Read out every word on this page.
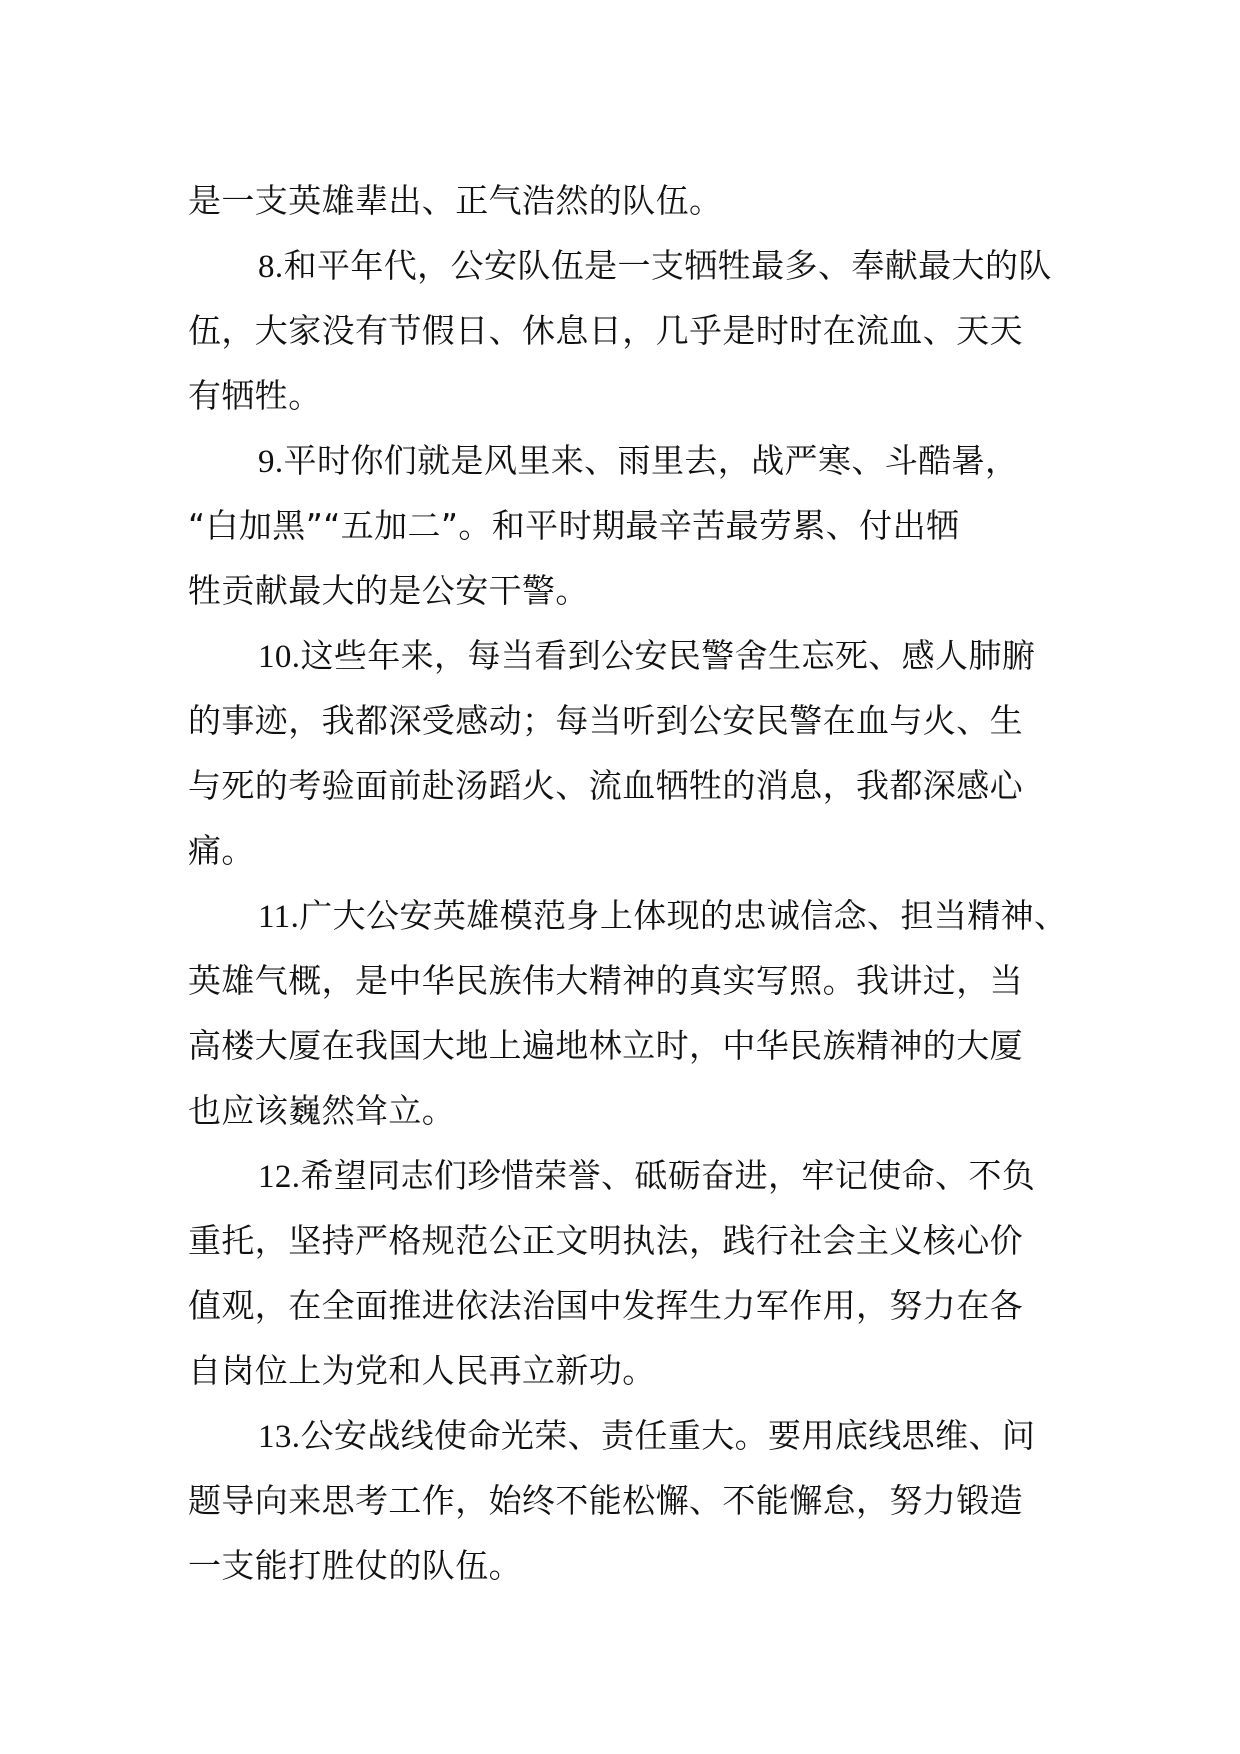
是一支英雄辈出、正气浩然的队伍。
8.和平年代，公安队伍是一支牺牲最多、奉献最大的队
伍，大家没有节假日、休息日，几乎是时时在流血、天天
有牺牲。
9.平时你们就是风里来、雨里去，战严寒、斗酷暑，
“白加黑”“五加二”。和平时期最辛苦最劳累、付出牺
牲贡献最大的是公安干警。
10.这些年来，每当看到公安民警舍生忘死、感人肺腑
的事迹，我都深受感动；每当听到公安民警在血与火、生
与死的考验面前赴汤蹈火、流血牺牲的消息，我都深感心
痛。
11.广大公安英雄模范身上体现的忠诚信念、担当精神、
英雄气概，是中华民族伟大精神的真实写照。我讲过，当
高楼大厦在我国大地上遍地林立时，中华民族精神的大厦
也应该巍然耸立。
12.希望同志们珍惜荣誉、砥砺奋进，牢记使命、不负
重托，坚持严格规范公正文明执法，践行社会主义核心价
值观，在全面推进依法治国中发挥生力军作用，努力在各
自岗位上为党和人民再立新功。
13.公安战线使命光荣、责任重大。要用底线思维、问
题导向来思考工作，始终不能松懈、不能懈怠，努力锻造
一支能打胜仗的队伍。
